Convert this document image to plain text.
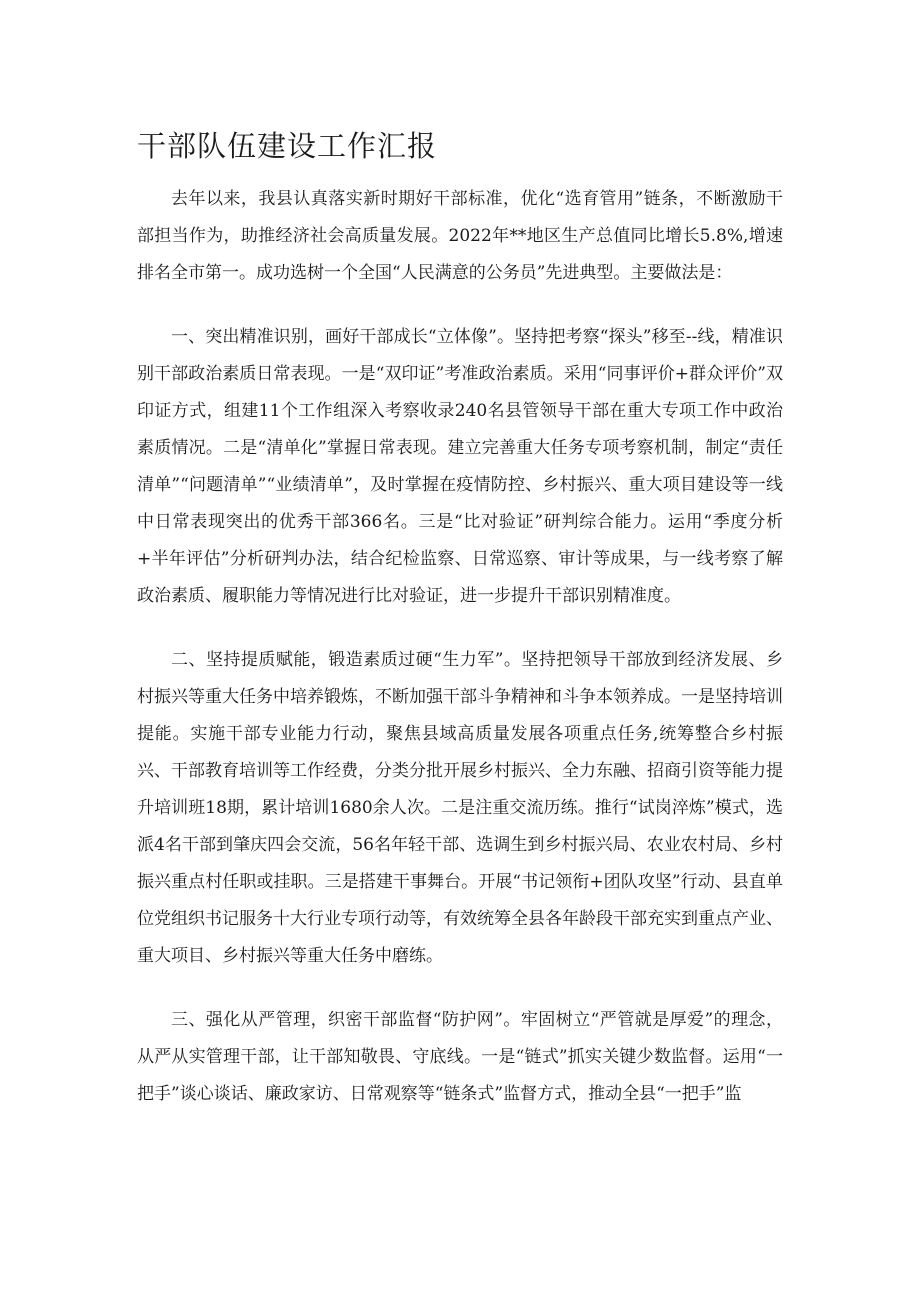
干部队伍建设工作汇报

去年以来，我县认真落实新时期好干部标准，优化“选育管用”链条，不断激励干部担当作为，助推经济社会高质量发展。2022年**地区生产总值同比增长5.8%,增速排名全市第一。成功选树一个全国“人民满意的公务员”先进典型。主要做法是：

一、突出精准识别，画好干部成长“立体像”。坚持把考察“探头”移至--线，精准识别干部政治素质日常表现。一是“双印证”考准政治素质。采用“同事评价+群众评价”双印证方式，组建11个工作组深入考察收录240名县管领导干部在重大专项工作中政治素质情况。二是“清单化”掌握日常表现。建立完善重大任务专项考察机制，制定“责任清单”“问题清单”“业绩清单”，及时掌握在疫情防控、乡村振兴、重大项目建设等一线中日常表现突出的优秀干部366名。三是“比对验证”研判综合能力。运用“季度分析+半年评估”分析研判办法，结合纪检监察、日常巡察、审计等成果，与一线考察了解政治素质、履职能力等情况进行比对验证，进一步提升干部识别精准度。

二、坚持提质赋能，锻造素质过硬“生力军”。坚持把领导干部放到经济发展、乡村振兴等重大任务中培养锻炼，不断加强干部斗争精神和斗争本领养成。一是坚持培训提能。实施干部专业能力行动，聚焦县域高质量发展各项重点任务,统筹整合乡村振兴、干部教育培训等工作经费，分类分批开展乡村振兴、全力东融、招商引资等能力提升培训班18期，累计培训1680余人次。二是注重交流历练。推行“试岗淬炼”模式，选派4名干部到肇庆四会交流，56名年轻干部、选调生到乡村振兴局、农业农村局、乡村振兴重点村任职或挂职。三是搭建干事舞台。开展“书记领衔+团队攻坚”行动、县直单位党组织书记服务十大行业专项行动等，有效统筹全县各年龄段干部充实到重点产业、重大项目、乡村振兴等重大任务中磨练。

三、强化从严管理，织密干部监督“防护网”。牢固树立“严管就是厚爱”的理念，从严从实管理干部，让干部知敬畏、守底线。一是“链式”抓实关键少数监督。运用“一把手”谈心谈话、廉政家访、日常观察等“链条式”监督方式，推动全县“一把手”监
